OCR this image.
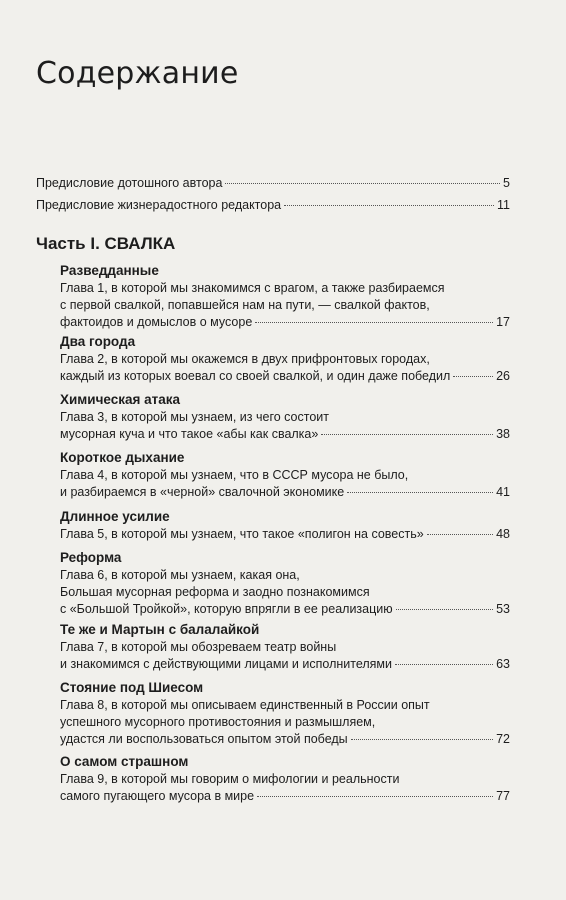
Содержание
Предисловие дотошного автора	5
Предисловие жизнерадостного редактора	11
Часть I. СВАЛКА
Разведданные
Глава 1, в которой мы знакомимся с врагом, а также разбираемся
с первой свалкой, попавшейся нам на пути, — свалкой фактов,
фактоидов и домыслов о мусоре	17
Два города
Глава 2, в которой мы окажемся в двух прифронтовых городах,
каждый из которых воевал со своей свалкой, и один даже победил	26
Химическая атака
Глава 3, в которой мы узнаем, из чего состоит
мусорная куча и что такое «абы как свалка»	38
Короткое дыхание
Глава 4, в которой мы узнаем, что в СССР мусора не было,
и разбираемся в «черной» свалочной экономике	41
Длинное усилие
Глава 5, в которой мы узнаем, что такое «полигон на совесть»	48
Реформа
Глава 6, в которой мы узнаем, какая она,
Большая мусорная реформа и заодно познакомимся
с «Большой Тройкой», которую впрягли в ее реализацию	53
Те же и Мартын с балалайкой
Глава 7, в которой мы обозреваем театр войны
и знакомимся с действующими лицами и исполнителями	63
Стояние под Шиесом
Глава 8, в которой мы описываем единственный в России опыт
успешного мусорного противостояния и размышляем,
удастся ли воспользоваться опытом этой победы	72
О самом страшном
Глава 9, в которой мы говорим о мифологии и реальности
самого пугающего мусора в мире	77
